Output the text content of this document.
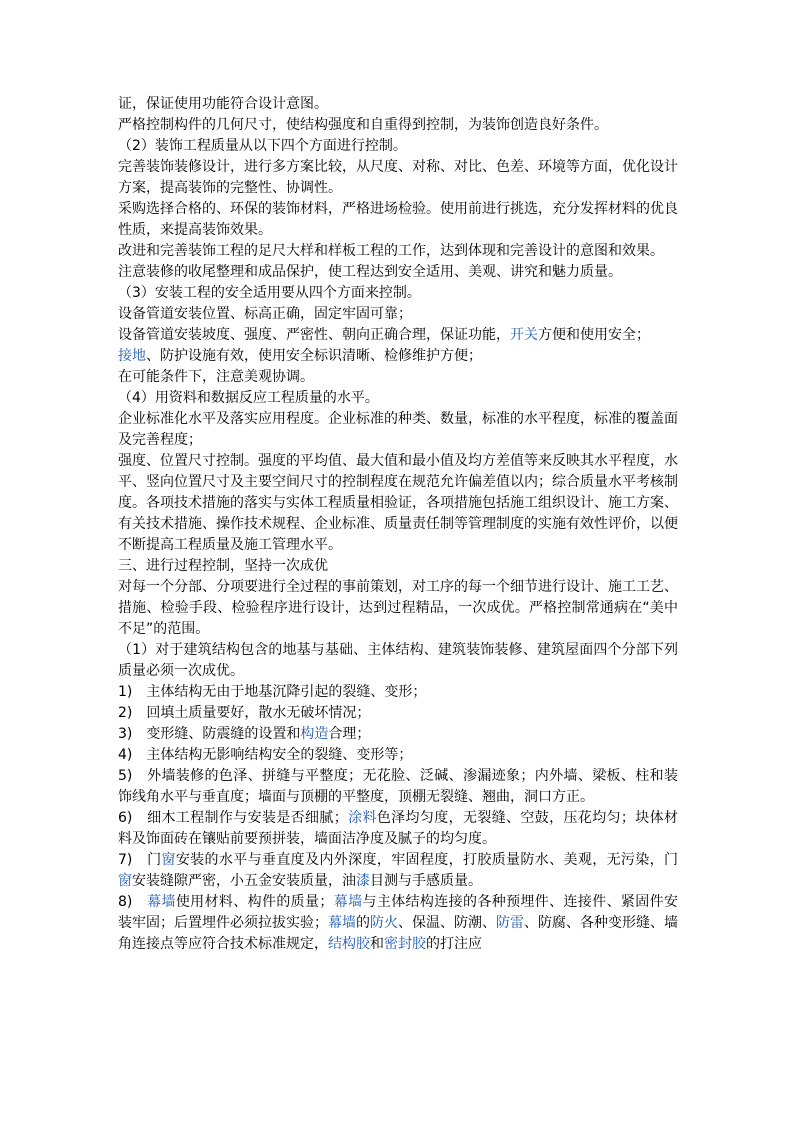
证，保证使用功能符合设计意图。

严格控制构件的几何尺寸，使结构强度和自重得到控制，为装饰创造良好条件。

（2）装饰工程质量从以下四个方面进行控制。

完善装饰装修设计，进行多方案比较，从尺度、对称、对比、色差、环境等方面，优化设计方案，提高装饰的完整性、协调性。

采购选择合格的、环保的装饰材料，严格进场检验。使用前进行挑选，充分发挥材料的优良性质，来提高装饰效果。

改进和完善装饰工程的足尺大样和样板工程的工作，达到体现和完善设计的意图和效果。

注意装修的收尾整理和成品保护，使工程达到安全适用、美观、讲究和魅力质量。

（3）安装工程的安全适用要从四个方面来控制。

设备管道安装位置、标高正确，固定牢固可靠；

设备管道安装坡度、强度、严密性、朝向正确合理，保证功能，开关方便和使用安全；

接地、防护设施有效，使用安全标识清晰、检修维护方便；

在可能条件下，注意美观协调。

（4）用资料和数据反应工程质量的水平。

企业标准化水平及落实应用程度。企业标准的种类、数量，标准的水平程度，标准的覆盖面及完善程度；

强度、位置尺寸控制。强度的平均值、最大值和最小值及均方差值等来反映其水平程度，水平、竖向位置尺寸及主要空间尺寸的控制程度在规范允许偏差值以内；综合质量水平考核制度。各项技术措施的落实与实体工程质量相验证，各项措施包括施工组织设计、施工方案、有关技术措施、操作技术规程、企业标准、质量责任制等管理制度的实施有效性评价，以便不断提高工程质量及施工管理水平。

三、进行过程控制，坚持一次成优

对每一个分部、分项要进行全过程的事前策划，对工序的每一个细节进行设计、施工工艺、措施、检验手段、检验程序进行设计，达到过程精品，一次成优。严格控制常通病在“美中不足”的范围。

（1）对于建筑结构包含的地基与基础、主体结构、建筑装饰装修、建筑屋面四个分部下列质量必须一次成优。

1)　主体结构无由于地基沉降引起的裂缝、变形；

2)　回填土质量要好，散水无破坏情况；

3)　变形缝、防震缝的设置和构造合理；

4)　主体结构无影响结构安全的裂缝、变形等；

5)　外墙装修的色泽、拼缝与平整度；无花脸、泛碱、渗漏迹象；内外墙、梁板、柱和装饰线角水平与垂直度；墙面与顶棚的平整度，顶棚无裂缝、翘曲，洞口方正。

6)　细木工程制作与安装是否细腻；涂料色泽均匀度，无裂缝、空鼓，压花均匀；块体材料及饰面砖在镶贴前要预拼装，墙面洁净度及腻子的均匀度。

7)　门窗安装的水平与垂直度及内外深度，牢固程度，打胶质量防水、美观，无污染，门窗安装缝隙严密，小五金安装质量，油漆目测与手感质量。

8)　幕墙使用材料、构件的质量；幕墙与主体结构连接的各种预埋件、连接件、紧固件安装牢固；后置埋件必须拉拔实验；幕墙的防火、保温、防潮、防雷、防腐、各种变形缝、墙角连接点等应符合技术标准规定，结构胶和密封胶的打注应
